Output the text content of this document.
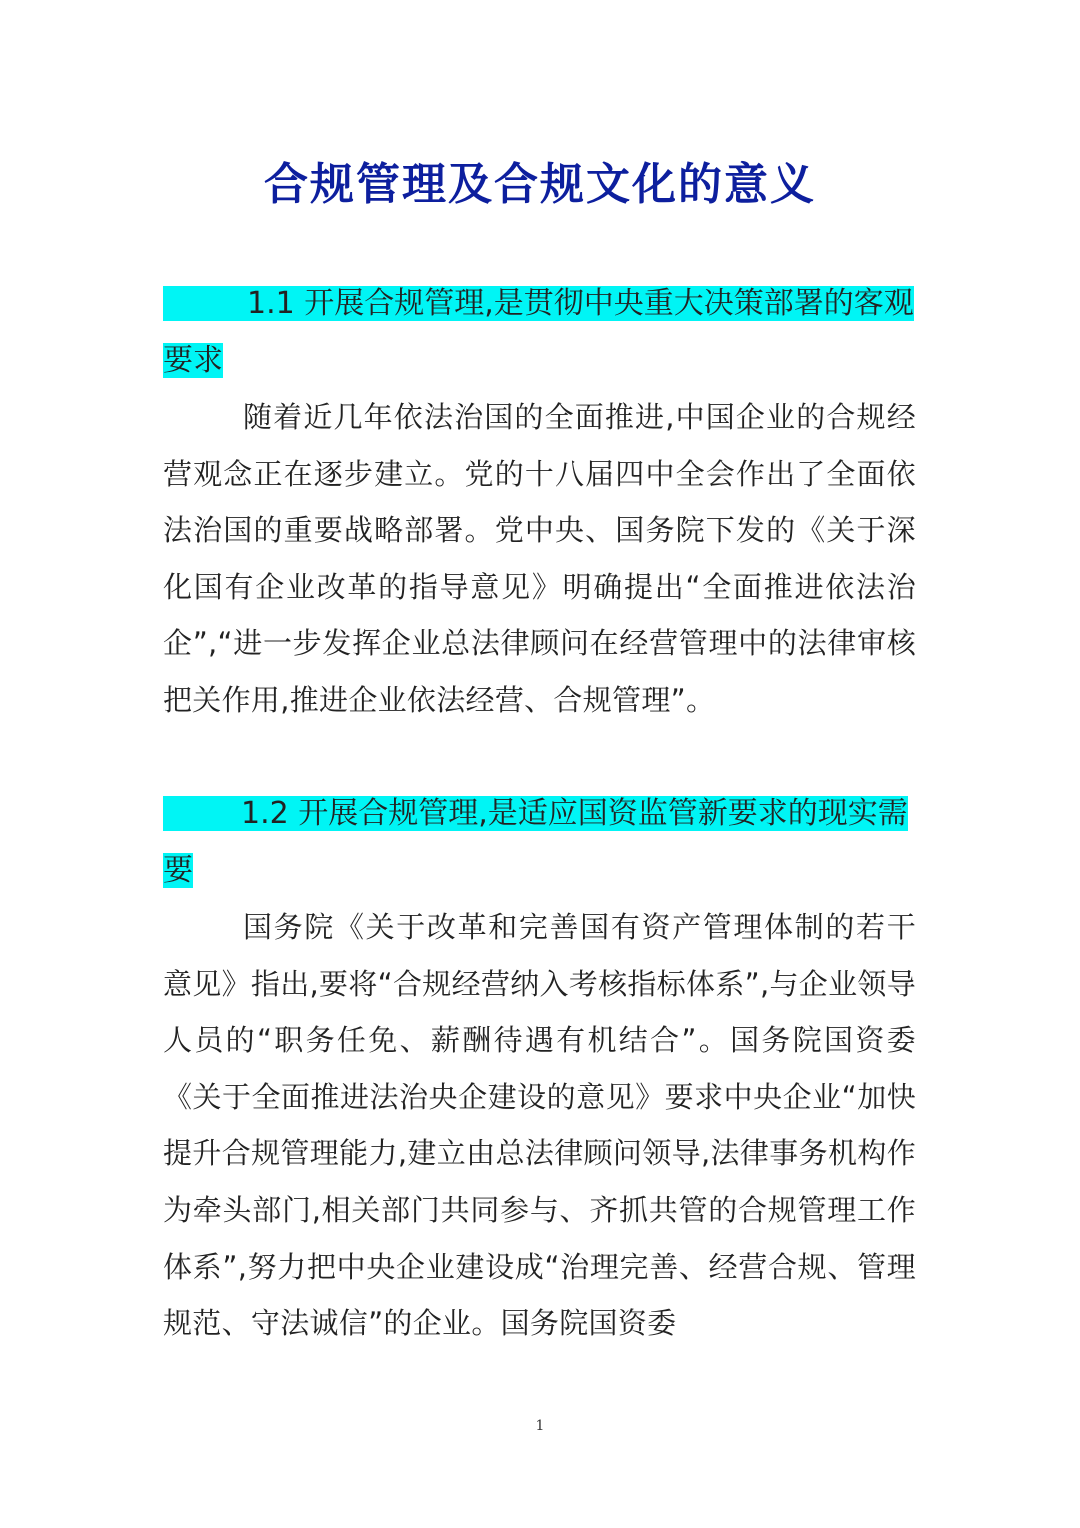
合规管理及合规文化的意义

1.1 开展合规管理,是贯彻中央重大决策部署的客观要求

随着近几年依法治国的全面推进,中国企业的合规经营观念正在逐步建立。党的十八届四中全会作出了全面依法治国的重要战略部署。党中央、国务院下发的《关于深化国有企业改革的指导意见》明确提出“全面推进依法治企”,“进一步发挥企业总法律顾问在经营管理中的法律审核把关作用,推进企业依法经营、合规管理”。

1.2 开展合规管理,是适应国资监管新要求的现实需要

国务院《关于改革和完善国有资产管理体制的若干意见》指出,要将“合规经营纳入考核指标体系”,与企业领导人员的“职务任免、薪酬待遇有机结合”。国务院国资委《关于全面推进法治央企建设的意见》要求中央企业“加快提升合规管理能力,建立由总法律顾问领导,法律事务机构作为牵头部门,相关部门共同参与、齐抓共管的合规管理工作体系”,努力把中央企业建设成“治理完善、经营合规、管理规范、守法诚信”的企业。国务院国资委

1
